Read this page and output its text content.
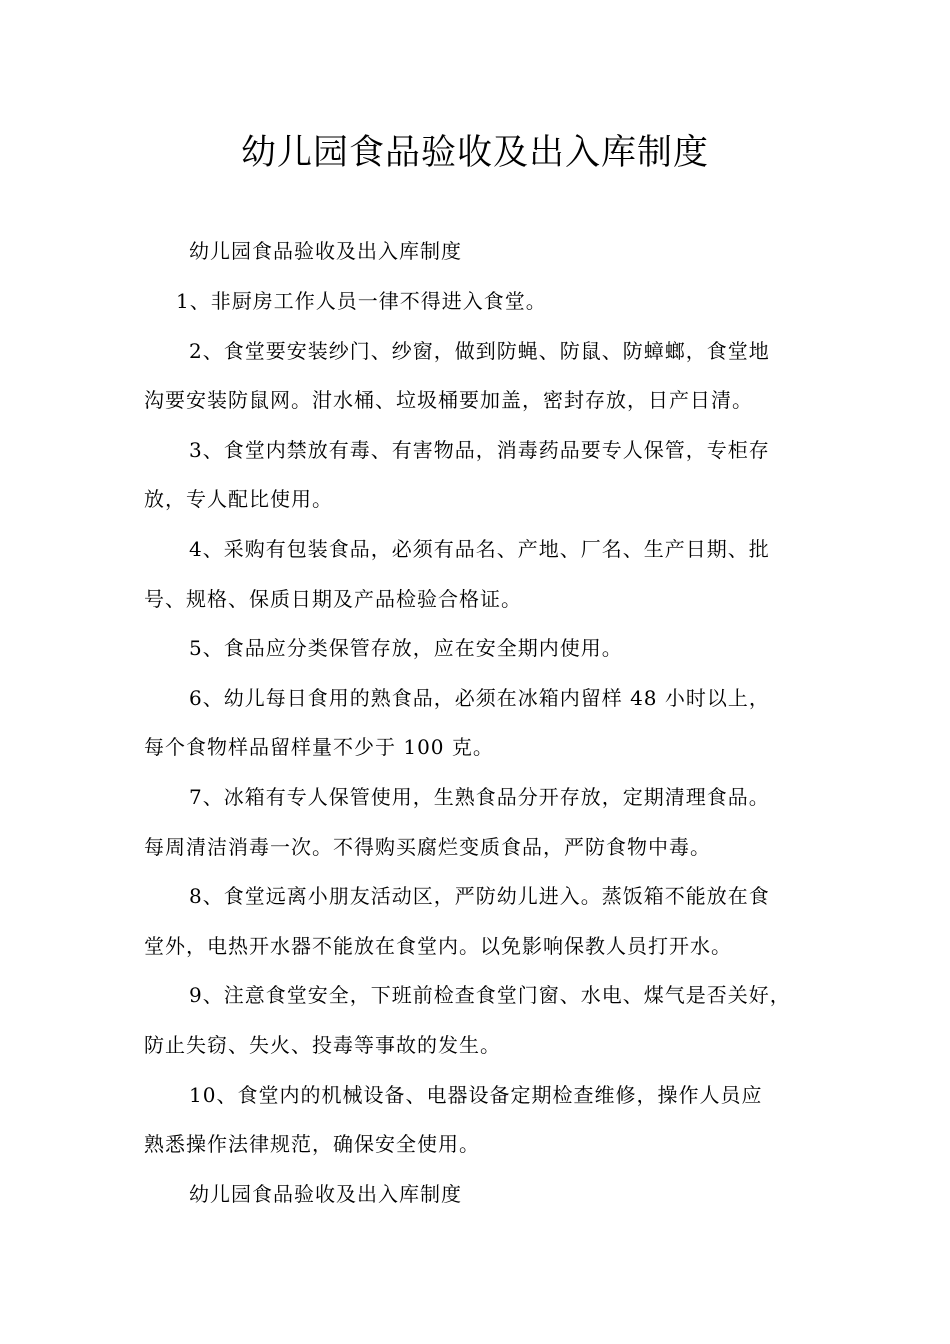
幼儿园食品验收及出入库制度
幼儿园食品验收及出入库制度
1、非厨房工作人员一律不得进入食堂。
2、食堂要安装纱门、纱窗，做到防蝇、防鼠、防蟑螂，食堂地
沟要安装防鼠网。泔水桶、垃圾桶要加盖，密封存放，日产日清。
3、食堂内禁放有毒、有害物品，消毒药品要专人保管，专柜存
放，专人配比使用。
4、采购有包装食品，必须有品名、产地、厂名、生产日期、批
号、规格、保质日期及产品检验合格证。
5、食品应分类保管存放，应在安全期内使用。
6、幼儿每日食用的熟食品，必须在冰箱内留样 48 小时以上，
每个食物样品留样量不少于 100 克。
7、冰箱有专人保管使用，生熟食品分开存放，定期清理食品。
每周清洁消毒一次。不得购买腐烂变质食品，严防食物中毒。
8、食堂远离小朋友活动区，严防幼儿进入。蒸饭箱不能放在食
堂外，电热开水器不能放在食堂内。以免影响保教人员打开水。
9、注意食堂安全，下班前检查食堂门窗、水电、煤气是否关好，
防止失窃、失火、投毒等事故的发生。
10、食堂内的机械设备、电器设备定期检查维修，操作人员应
熟悉操作法律规范，确保安全使用。
幼儿园食品验收及出入库制度
